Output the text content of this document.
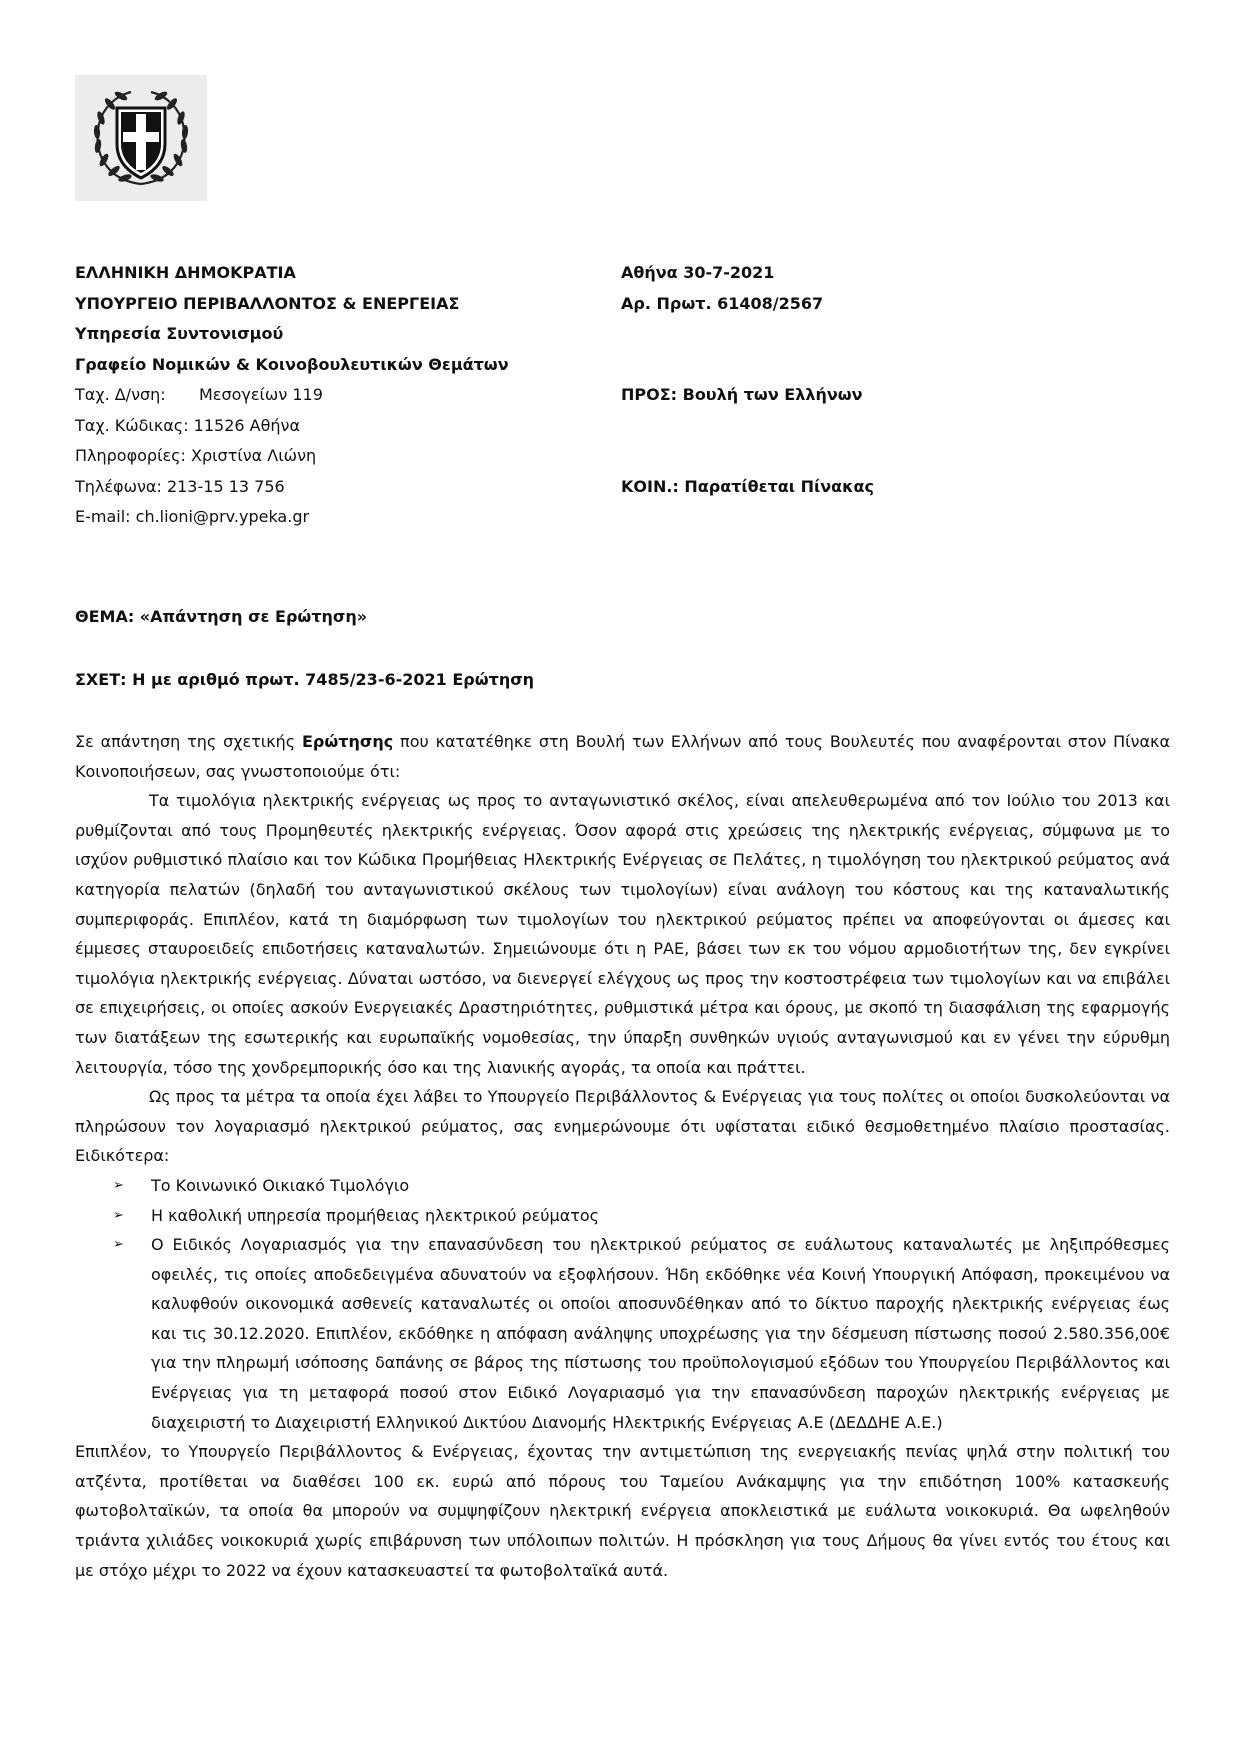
ΕΛΛΗΝΙΚΗ ΔΗΜΟΚΡΑΤΙΑ
ΥΠΟΥΡΓΕΙΟ ΠΕΡΙΒΑΛΛΟΝΤΟΣ & ΕΝΕΡΓΕΙΑΣ
Υπηρεσία Συντονισμού
Γραφείο Νομικών & Κοινοβουλευτικών Θεμάτων
Ταχ. Δ/νση: Μεσογείων 119
Ταχ. Κώδικας: 11526 Αθήνα
Πληροφορίες: Χριστίνα Λιώνη
Τηλέφωνα: 213-15 13 756
E-mail: ch.lioni@prv.ypeka.gr
Αθήνα 30-7-2021
Αρ. Πρωτ. 61408/2567
ΠΡΟΣ: Βουλή των Ελλήνων
ΚΟΙΝ.: Παρατίθεται Πίνακας
ΘΕΜΑ: «Απάντηση σε Ερώτηση»
ΣΧΕΤ: Η με αριθμό πρωτ. 7485/23-6-2021 Ερώτηση

Σε απάντηση της σχετικής Ερώτησης που κατατέθηκε στη Βουλή των Ελλήνων από τους Βουλευτές που αναφέρονται στον Πίνακα Κοινοποιήσεων, σας γνωστοποιούμε ότι:

Τα τιμολόγια ηλεκτρικής ενέργειας ως προς το ανταγωνιστικό σκέλος, είναι απελευθερωμένα από τον Ιούλιο του 2013 και ρυθμίζονται από τους Προμηθευτές ηλεκτρικής ενέργειας. Όσον αφορά στις χρεώσεις της ηλεκτρικής ενέργειας, σύμφωνα με το ισχύον ρυθμιστικό πλαίσιο και τον Κώδικα Προμήθειας Ηλεκτρικής Ενέργειας σε Πελάτες, η τιμολόγηση του ηλεκτρικού ρεύματος ανά κατηγορία πελατών (δηλαδή του ανταγωνιστικού σκέλους των τιμολογίων) είναι ανάλογη του κόστους και της καταναλωτικής συμπεριφοράς. Επιπλέον, κατά τη διαμόρφωση των τιμολογίων του ηλεκτρικού ρεύματος πρέπει να αποφεύγονται οι άμεσες και έμμεσες σταυροειδείς επιδοτήσεις καταναλωτών. Σημειώνουμε ότι η ΡΑΕ, βάσει των εκ του νόμου αρμοδιοτήτων της, δεν εγκρίνει τιμολόγια ηλεκτρικής ενέργειας. Δύναται ωστόσο, να διενεργεί ελέγχους ως προς την κοστοστρέφεια των τιμολογίων και να επιβάλει σε επιχειρήσεις, οι οποίες ασκούν Ενεργειακές Δραστηριότητες, ρυθμιστικά μέτρα και όρους, με σκοπό τη διασφάλιση της εφαρμογής των διατάξεων της εσωτερικής και ευρωπαϊκής νομοθεσίας, την ύπαρξη συνθηκών υγιούς ανταγωνισμού και εν γένει την εύρυθμη λειτουργία, τόσο της χονδρεμπορικής όσο και της λιανικής αγοράς, τα οποία και πράττει.

Ως προς τα μέτρα τα οποία έχει λάβει το Υπουργείο Περιβάλλοντος & Ενέργειας για τους πολίτες οι οποίοι δυσκολεύονται να πληρώσουν τον λογαριασμό ηλεκτρικού ρεύματος, σας ενημερώνουμε ότι υφίσταται ειδικό θεσμοθετημένο πλαίσιο προστασίας. Ειδικότερα:

➢ Το Κοινωνικό Οικιακό Τιμολόγιο
➢ Η καθολική υπηρεσία προμήθειας ηλεκτρικού ρεύματος
➢ Ο Ειδικός Λογαριασμός για την επανασύνδεση του ηλεκτρικού ρεύματος σε ευάλωτους καταναλωτές με ληξιπρόθεσμες οφειλές, τις οποίες αποδεδειγμένα αδυνατούν να εξοφλήσουν. Ήδη εκδόθηκε νέα Κοινή Υπουργική Απόφαση, προκειμένου να καλυφθούν οικονομικά ασθενείς καταναλωτές οι οποίοι αποσυνδέθηκαν από το δίκτυο παροχής ηλεκτρικής ενέργειας έως και τις 30.12.2020. Επιπλέον, εκδόθηκε η απόφαση ανάληψης υποχρέωσης για την δέσμευση πίστωσης ποσού 2.580.356,00€ για την πληρωμή ισόποσης δαπάνης σε βάρος της πίστωσης του προϋπολογισμού εξόδων του Υπουργείου Περιβάλλοντος και Ενέργειας για τη μεταφορά ποσού στον Ειδικό Λογαριασμό για την επανασύνδεση παροχών ηλεκτρικής ενέργειας με διαχειριστή το Διαχειριστή Ελληνικού Δικτύου Διανομής Ηλεκτρικής Ενέργειας Α.Ε (ΔΕΔΔΗΕ Α.Ε.)

Επιπλέον, το Υπουργείο Περιβάλλοντος & Ενέργειας, έχοντας την αντιμετώπιση της ενεργειακής πενίας ψηλά στην πολιτική του ατζέντα, προτίθεται να διαθέσει 100 εκ. ευρώ από πόρους του Ταμείου Ανάκαμψης για την επιδότηση 100% κατασκευής φωτοβολταϊκών, τα οποία θα μπορούν να συμψηφίζουν ηλεκτρική ενέργεια αποκλειστικά με ευάλωτα νοικοκυριά. Θα ωφεληθούν τριάντα χιλιάδες νοικοκυριά χωρίς επιβάρυνση των υπόλοιπων πολιτών. Η πρόσκληση για τους Δήμους θα γίνει εντός του έτους και με στόχο μέχρι το 2022 να έχουν κατασκευαστεί τα φωτοβολταϊκά αυτά.
